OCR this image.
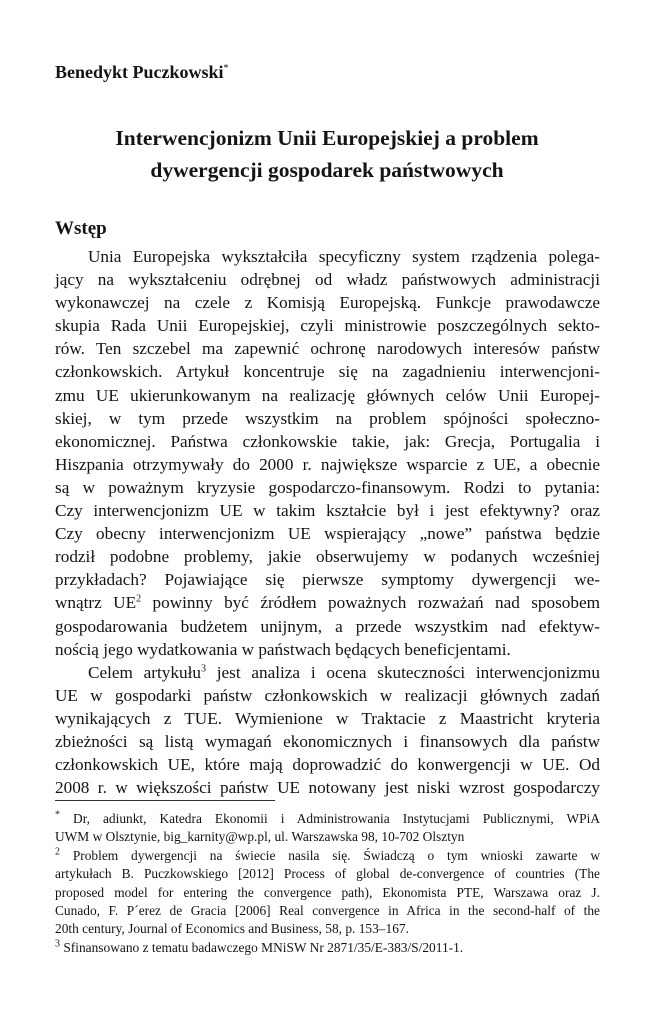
Benedykt Puczkowski*
Interwencjonizm Unii Europejskiej a problem
dywergencji gospodarek państwowych
Wstęp
Unia Europejska wykształciła specyficzny system rządzenia polega-
jący na wykształceniu odrębnej od władz państwowych administracji
wykonawczej na czele z Komisją Europejską. Funkcje prawodawcze
skupia Rada Unii Europejskiej, czyli ministrowie poszczególnych sekto-
rów. Ten szczebel ma zapewnić ochronę narodowych interesów państw
członkowskich. Artykuł koncentruje się na zagadnieniu interwencjoni-
zmu UE ukierunkowanym na realizację głównych celów Unii Europej-
skiej, w tym przede wszystkim na problem spójności społeczno-
ekonomicznej. Państwa członkowskie takie, jak: Grecja, Portugalia i
Hiszpania otrzymywały do 2000 r. największe wsparcie z UE, a obecnie
są w poważnym kryzysie gospodarczo-finansowym. Rodzi to pytania:
Czy interwencjonizm UE w takim kształcie był i jest efektywny? oraz
Czy obecny interwencjonizm UE wspierający „nowe” państwa będzie
rodził podobne problemy, jakie obserwujemy w podanych wcześniej
przykładach? Pojawiające się pierwsze symptomy dywergencji we-
wnątrz $UE^2$ powinny być źródłem poważnych rozważań nad sposobem
gospodarowania budżetem unijnym, a przede wszystkim nad efektyw-
nością jego wydatkowania w państwach będących beneficjentami.
Celem artykułu$^3$ jest analiza i ocena skuteczności interwencjonizmu
UE w gospodarki państw członkowskich w realizacji głównych zadań
wynikających z TUE. Wymienione w Traktacie z Maastricht kryteria
zbieżności są listą wymagań ekonomicznych i finansowych dla państw
członkowskich UE, które mają doprowadzić do konwergencji w UE. Od
2008 r. w większości państw UE notowany jest niski wzrost gospodarczy
* Dr, adiunkt, Katedra Ekonomii i Administrowania Instytucjami Publicznymi, WPiA
UWM w Olsztynie, big_karnity@wp.pl, ul. Warszawska 98, 10-702 Olsztyn
$^2$ Problem dywergencji na świecie nasila się. Świadczą o tym wnioski zawarte w
artykułach B. Puczkowskiego [2012] Process of global de-convergence of countries (The
proposed model for entering the convergence path), Ekonomista PTE, Warszawa oraz J.
Cunado, F. P´erez de Gracia [2006] Real convergence in Africa in the second-half of the
20th century, Journal of Economics and Business, 58, p. 153–167.
$^3$ Sfinansowano z tematu badawczego MNiSW Nr 2871/35/E-383/S/2011-1.
